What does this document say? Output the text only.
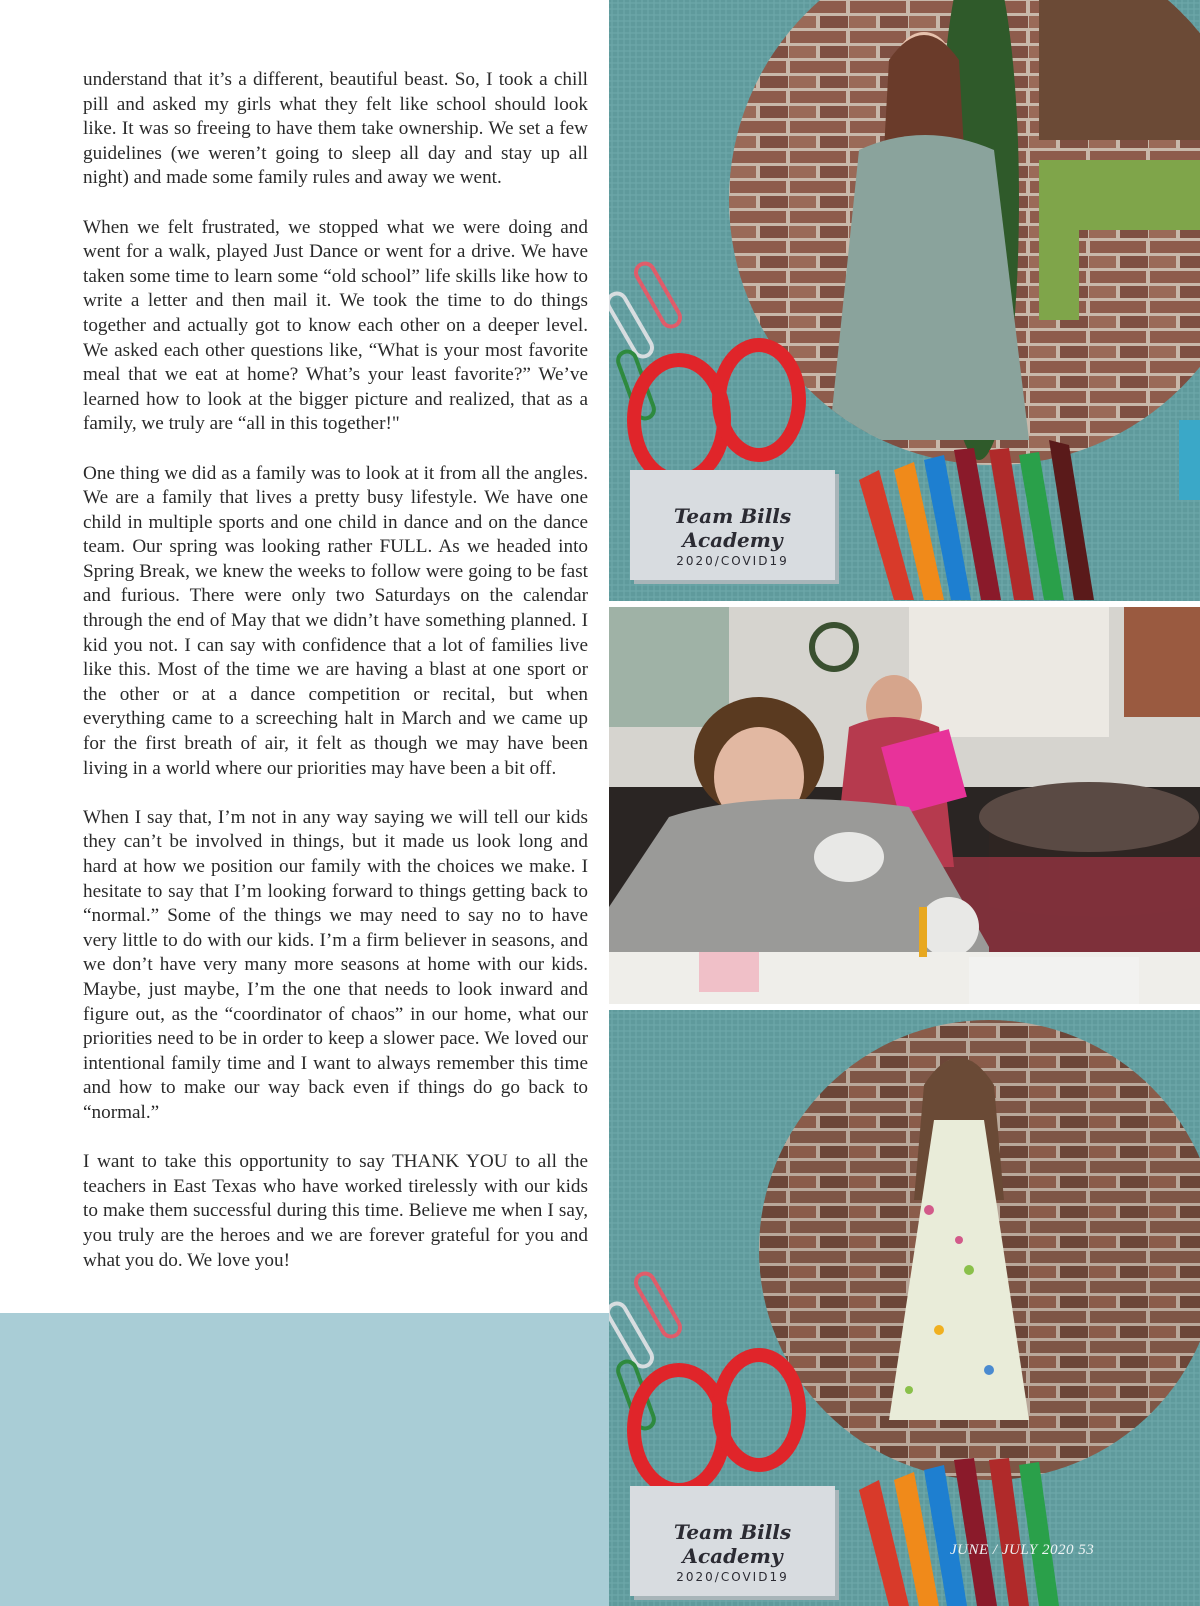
understand that it’s a different, beautiful beast. So, I took a chill pill and asked my girls what they felt like school should look like. It was so freeing to have them take ownership. We set a few guidelines (we weren’t going to sleep all day and stay up all night) and made some family rules and away we went.

When we felt frustrated, we stopped what we were doing and went for a walk, played Just Dance or went for a drive. We have taken some time to learn some “old school” life skills like how to write a letter and then mail it. We took the time to do things together and actually got to know each other on a deeper level. We asked each other questions like, “What is your most favorite meal that we eat at home? What’s your least favorite?” We’ve learned how to look at the bigger picture and realized, that as a family, we truly are “all in this together!"

One thing we did as a family was to look at it from all the angles. We are a family that lives a pretty busy lifestyle. We have one child in multiple sports and one child in dance and on the dance team. Our spring was looking rather FULL. As we headed into Spring Break, we knew the weeks to follow were going to be fast and furious. There were only two Saturdays on the calendar through the end of May that we didn’t have something planned. I kid you not. I can say with confidence that a lot of families live like this. Most of the time we are having a blast at one sport or the other or at a dance competition or recital, but when everything came to a screeching halt in March and we came up for the first breath of air, it felt as though we may have been living in a world where our priorities may have been a bit off.

When I say that, I’m not in any way saying we will tell our kids they can’t be involved in things, but it made us look long and hard at how we position our family with the choices we make. I hesitate to say that I’m looking forward to things getting back to “normal.” Some of the things we may need to say no to have very little to do with our kids. I’m a firm believer in seasons, and we don’t have very many more seasons at home with our kids. Maybe, just maybe, I’m the one that needs to look inward and figure out, as the “coordinator of chaos” in our home, what our priorities need to be in order to keep a slower pace. We loved our intentional family time and I want to always remember this time and how to make our way back even if things do go back to “normal.”

I want to take this opportunity to say THANK YOU to all the teachers in East Texas who have worked tirelessly with our kids to make them successful during this time. Believe me when I say, you truly are the heroes and we are forever grateful for you and what you do. We love you!

Team Bills Academy
2020/COVID19
Team Bills Academy
2020/COVID19
JUNE / JULY 2020 53
